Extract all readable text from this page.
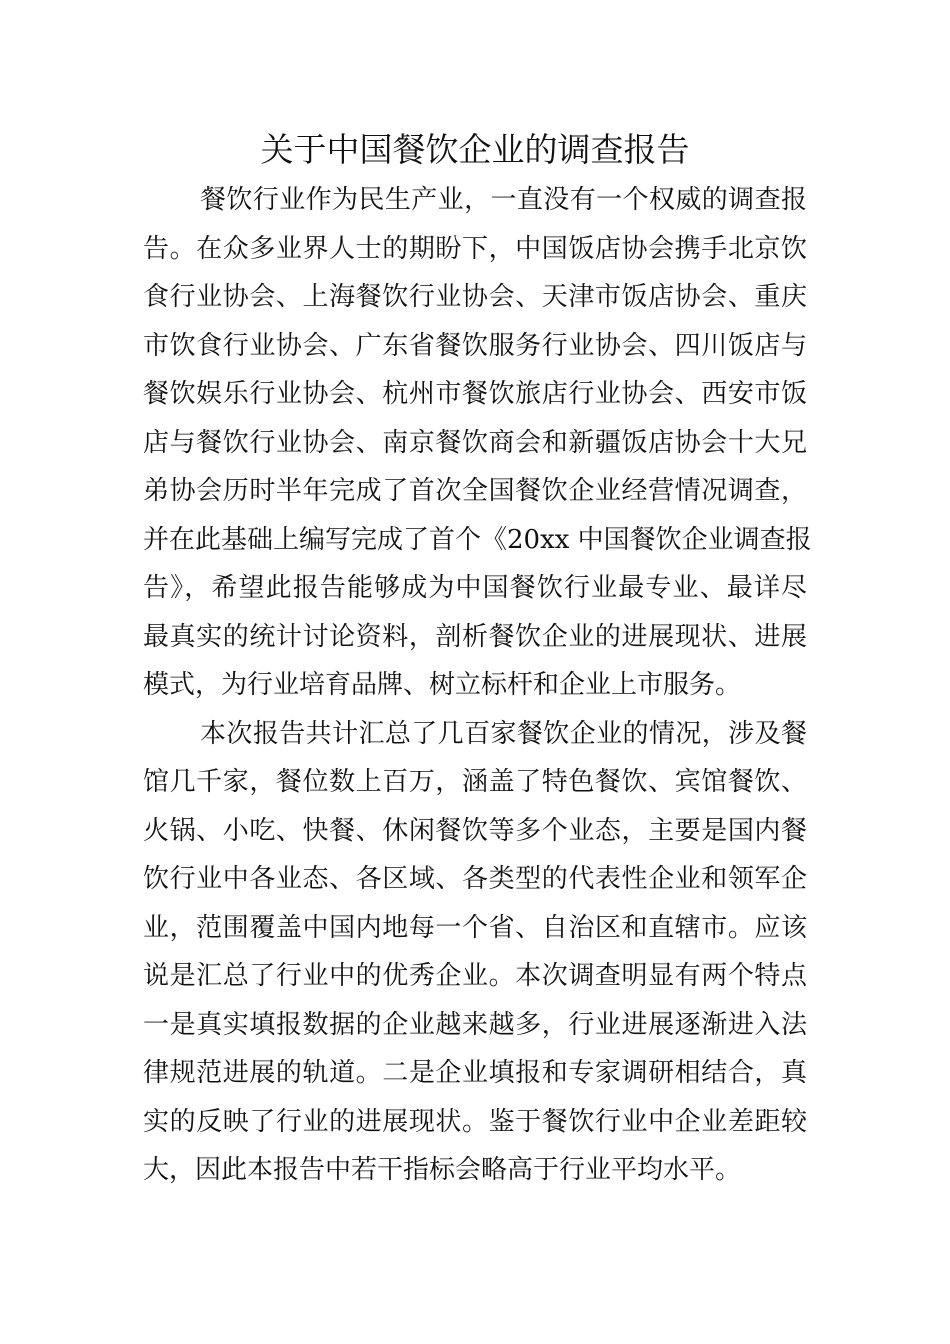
关于中国餐饮企业的调查报告

餐饮行业作为民生产业，一直没有一个权威的调查报
告。在众多业界人士的期盼下，中国饭店协会携手北京饮
食行业协会、上海餐饮行业协会、天津市饭店协会、重庆
市饮食行业协会、广东省餐饮服务行业协会、四川饭店与
餐饮娱乐行业协会、杭州市餐饮旅店行业协会、西安市饭
店与餐饮行业协会、南京餐饮商会和新疆饭店协会十大兄
弟协会历时半年完成了首次全国餐饮企业经营情况调查，
并在此基础上编写完成了首个《20xx 中国餐饮企业调查报
告》，希望此报告能够成为中国餐饮行业最专业、最详尽
最真实的统计讨论资料，剖析餐饮企业的进展现状、进展
模式，为行业培育品牌、树立标杆和企业上市服务。

本次报告共计汇总了几百家餐饮企业的情况，涉及餐
馆几千家，餐位数上百万，涵盖了特色餐饮、宾馆餐饮、
火锅、小吃、快餐、休闲餐饮等多个业态，主要是国内餐
饮行业中各业态、各区域、各类型的代表性企业和领军企
业，范围覆盖中国内地每一个省、自治区和直辖市。应该
说是汇总了行业中的优秀企业。本次调查明显有两个特点
一是真实填报数据的企业越来越多，行业进展逐渐进入法
律规范进展的轨道。二是企业填报和专家调研相结合，真
实的反映了行业的进展现状。鉴于餐饮行业中企业差距较
大，因此本报告中若干指标会略高于行业平均水平。
